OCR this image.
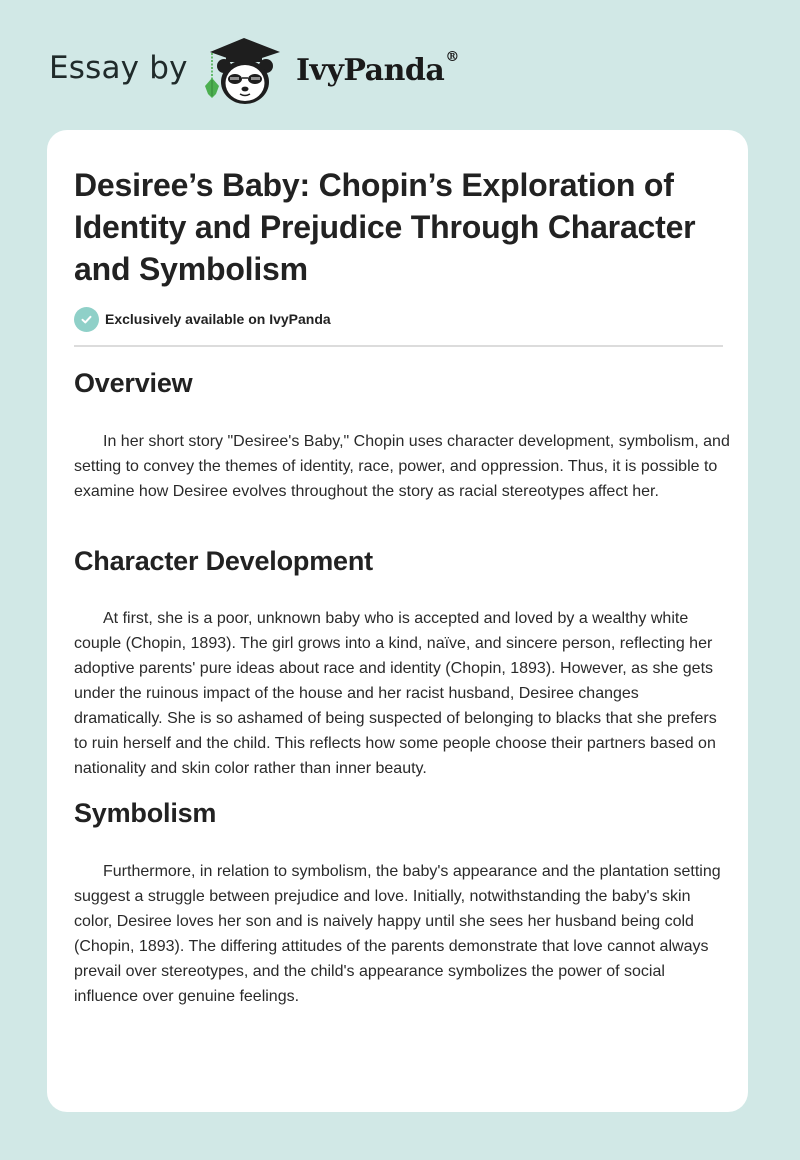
Essay by	IvyPanda®
Desiree’s Baby: Chopin’s Exploration of Identity and Prejudice Through Character and Symbolism
Exclusively available on IvyPanda
Overview

In her short story "Desiree's Baby," Chopin uses character development, symbolism, and setting to convey the themes of identity, race, power, and oppression. Thus, it is possible to examine how Desiree evolves throughout the story as racial stereotypes affect her.

Character Development

At first, she is a poor, unknown baby who is accepted and loved by a wealthy white couple (Chopin, 1893). The girl grows into a kind, naïve, and sincere person, reflecting her adoptive parents' pure ideas about race and identity (Chopin, 1893). However, as she gets under the ruinous impact of the house and her racist husband, Desiree changes dramatically. She is so ashamed of being suspected of belonging to blacks that she prefers to ruin herself and the child. This reflects how some people choose their partners based on nationality and skin color rather than inner beauty.

Symbolism

Furthermore, in relation to symbolism, the baby's appearance and the plantation setting suggest a struggle between prejudice and love. Initially, notwithstanding the baby's skin color, Desiree loves her son and is naively happy until she sees her husband being cold (Chopin, 1893). The differing attitudes of the parents demonstrate that love cannot always prevail over stereotypes, and the child's appearance symbolizes the power of social influence over genuine feelings.
